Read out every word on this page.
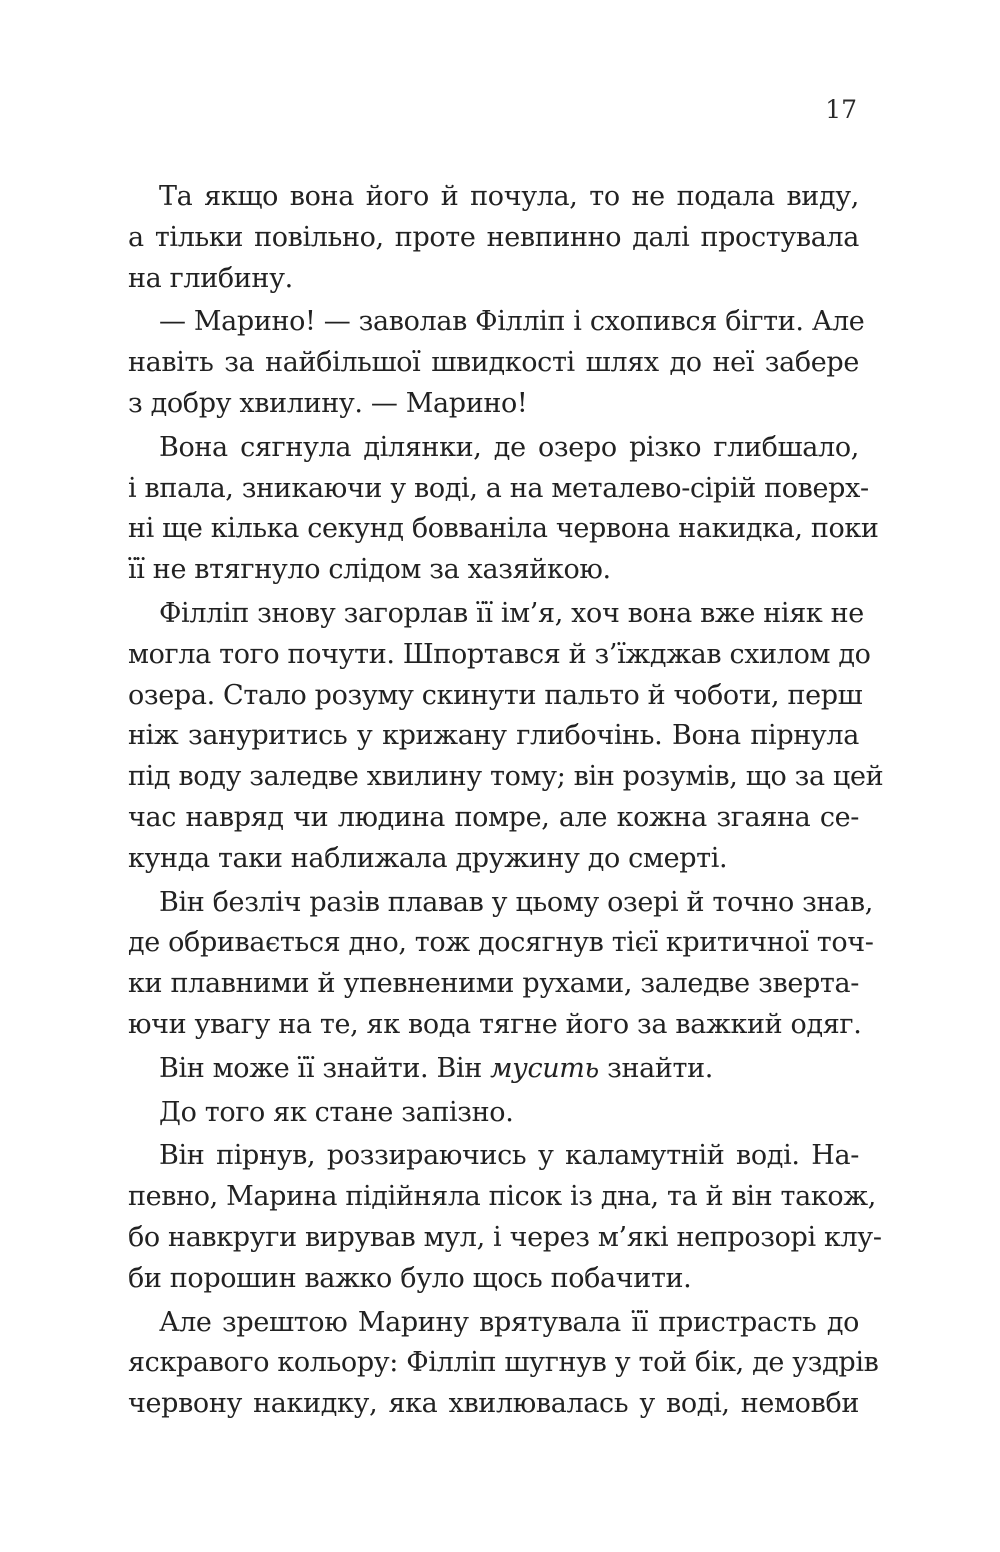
17
Та якщо вона його й почула, то не подала виду,
а тільки повільно, проте невпинно далі простувала
на глибину.
— Марино! — заволав Філліп і схопився бігти. Але
навіть за найбільшої швидкості шлях до неї забере
з добру хвилину. — Марино!
Вона сягнула ділянки, де озеро різко глибшало,
і впала, зникаючи у воді, а на металево-сірій поверх-
ні ще кілька секунд бовваніла червона накидка, поки
її не втягнуло слідом за хазяйкою.
Філліп знову загорлав її ім’я, хоч вона вже ніяк не
могла того почути. Шпортався й з’їжджав схилом до
озера. Стало розуму скинути пальто й чоботи, перш
ніж зануритись у крижану глибочінь. Вона пірнула
під воду заледве хвилину тому; він розумів, що за цей
час навряд чи людина помре, але кожна згаяна се-
кунда таки наближала дружину до смерті.
Він безліч разів плавав у цьому озері й точно знав,
де обривається дно, тож досягнув тієї критичної точ-
ки плавними й упевненими рухами, заледве зверта-
ючи увагу на те, як вода тягне його за важкий одяг.
Він може її знайти. Він мусить знайти.
До того як стане запізно.
Він пірнув, роззираючись у каламутній воді. На-
певно, Марина підійняла пісок із дна, та й він також,
бо навкруги вирував мул, і через м’які непрозорі клу-
би порошин важко було щось побачити.
Але зрештою Марину врятувала її пристрасть до
яскравого кольору: Філліп шугнув у той бік, де уздрів
червону накидку, яка хвилювалась у воді, немовби
